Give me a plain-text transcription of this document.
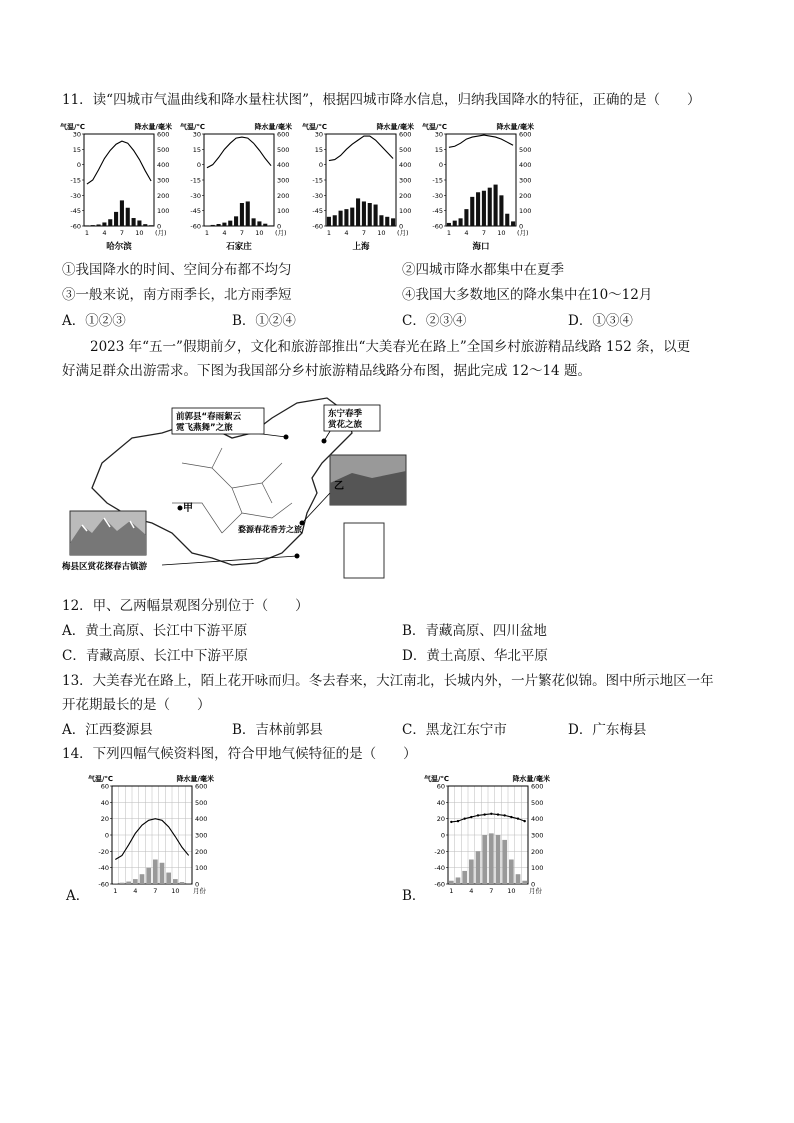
11．读“四城市气温曲线和降水量柱状图”，根据四城市降水信息，归纳我国降水的特征，正确的是（　　）
气温/℃	降水量/毫米
-60
-45
-30
-15
0
15
30
0
100
200
300
400
500
600
1 4 7 10 (月)
哈尔滨
气温/℃	降水量/毫米
-60
-45
-30
-15
0
15
30
0
100
200
300
400
500
600
1 4 7 10 (月)
石家庄
气温/℃	降水量/毫米
-60
-45
-30
-15
0
15
30
0
100
200
300
400
500
600
1 4 7 10 (月)
上海
气温/℃	降水量/毫米
-60
-45
-30
-15
0
15
30
0
100
200
300
400
500
600
1 4 7 10 (月)
海口
①我国降水的时间、空间分布都不均匀	②四城市降水都集中在夏季
③一般来说，南方雨季长，北方雨季短	④我国大多数地区的降水集中在10～12月
A．①②③	B．①②④	C．②③④	D．①③④
2023 年“五一”假期前夕，文化和旅游部推出“大美春光在路上”全国乡村旅游精品线路 152 条，以更
好满足群众出游需求。下图为我国部分乡村旅游精品线路分布图，据此完成 12～14 题。
前郭县“春雨絮云
霓飞燕舞”之旅
东宁春季
赏花之旅
甲
乙
婺源春花香芳之旅
梅县区赏花探春古镇游
12．甲、乙两幅景观图分别位于（　　）
A．黄土高原、长江中下游平原	B．青藏高原、四川盆地
C．青藏高原、长江中下游平原	D．黄土高原、华北平原
13．大美春光在路上，陌上花开咏而归。冬去春来，大江南北，长城内外，一片繁花似锦。图中所示地区一年
开花期最长的是（　　）
A．江西婺源县	B．吉林前郭县	C．黑龙江东宁市	D．广东梅县
14．下列四幅气候资料图，符合甲地气候特征的是（　　）
气温/℃	降水量/毫米
-60
-40
-20
0
20
40
60
0
100
200
300
400
500
600
1 4 7 10 月份
气温/℃	降水量/毫米
-60
-40
-20
0
20
40
60
0
100
200
300
400
500
600
1 4 7 10 月份
A．	B．
